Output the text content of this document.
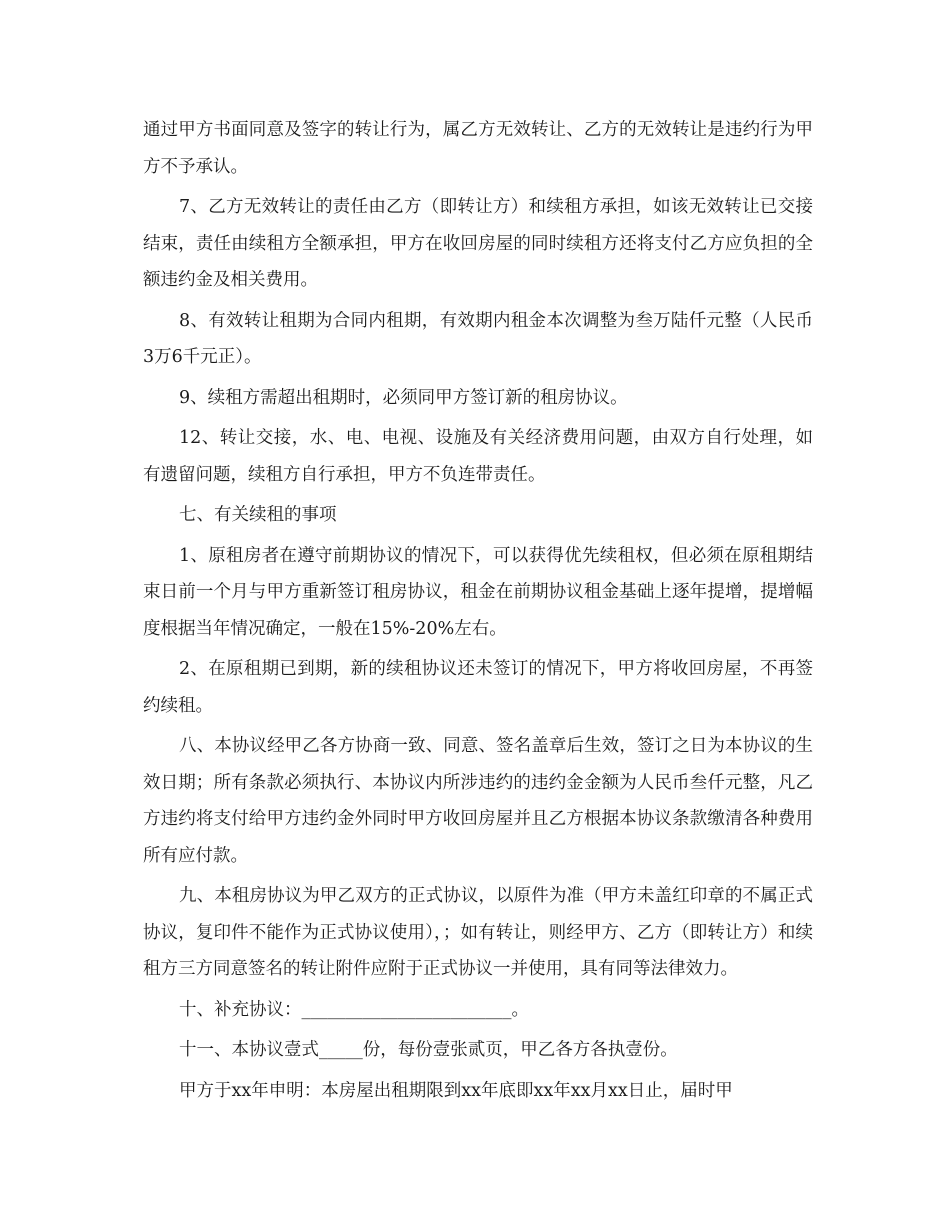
通过甲方书面同意及签字的转让行为，属乙方无效转让、乙方的无效转让是违约行为甲方不予承认。

7、乙方无效转让的责任由乙方（即转让方）和续租方承担，如该无效转让已交接结束，责任由续租方全额承担，甲方在收回房屋的同时续租方还将支付乙方应负担的全额违约金及相关费用。

8、有效转让租期为合同内租期，有效期内租金本次调整为叁万陆仟元整（人民币3万6千元正）。

9、续租方需超出租期时，必须同甲方签订新的租房协议。

12、转让交接，水、电、电视、设施及有关经济费用问题，由双方自行处理，如有遗留问题，续租方自行承担，甲方不负连带责任。

七、有关续租的事项

1、原租房者在遵守前期协议的情况下，可以获得优先续租权，但必须在原租期结束日前一个月与甲方重新签订租房协议，租金在前期协议租金基础上逐年提增，提增幅度根据当年情况确定，一般在15%-20%左右。

2、在原租期已到期，新的续租协议还未签订的情况下，甲方将收回房屋，不再签约续租。

八、本协议经甲乙各方协商一致、同意、签名盖章后生效，签订之日为本协议的生效日期；所有条款必须执行、本协议内所涉违约的违约金金额为人民币叁仟元整，凡乙方违约将支付给甲方违约金外同时甲方收回房屋并且乙方根据本协议条款缴清各种费用所有应付款。

九、本租房协议为甲乙双方的正式协议，以原件为准（甲方未盖红印章的不属正式协议，复印件不能作为正式协议使用），；如有转让，则经甲方、乙方（即转让方）和续租方三方同意签名的转让附件应附于正式协议一并使用，具有同等法律效力。

十、补充协议：________________________。

十一、本协议壹式_____份，每份壹张贰页，甲乙各方各执壹份。

甲方于xx年申明：本房屋出租期限到xx年底即xx年xx月xx日止，届时甲
